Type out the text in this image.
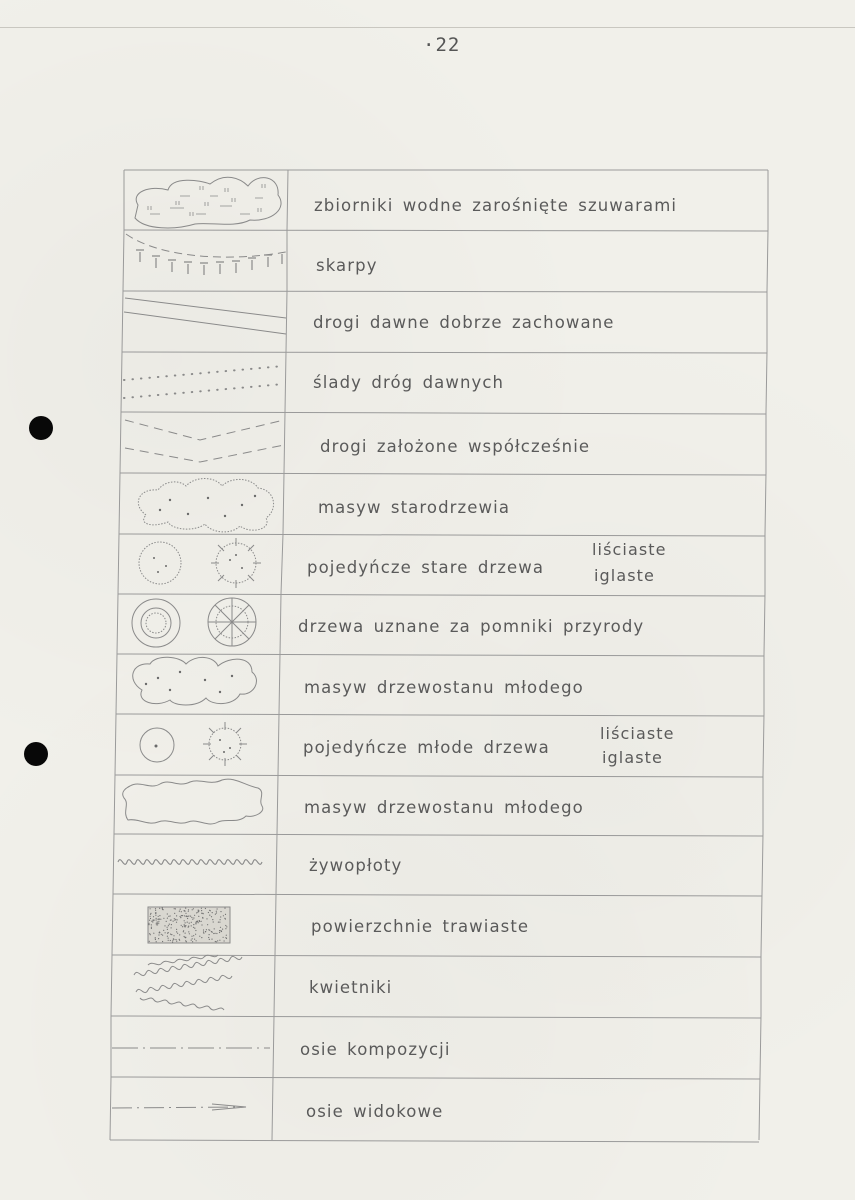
·22
zbiorniki wodne zarośnięte szuwarami
skarpy
drogi dawne dobrze zachowane
ślady dróg dawnych
drogi założone współcześnie
masyw starodrzewia
pojedyńcze stare drzewa
liściaste
iglaste
drzewa uznane za pomniki przyrody
masyw drzewostanu młodego
pojedyńcze młode drzewa
liściaste
iglaste
masyw drzewostanu młodego
żywopłoty
powierzchnie trawiaste
kwietniki
osie kompozycji
osie widokowe
